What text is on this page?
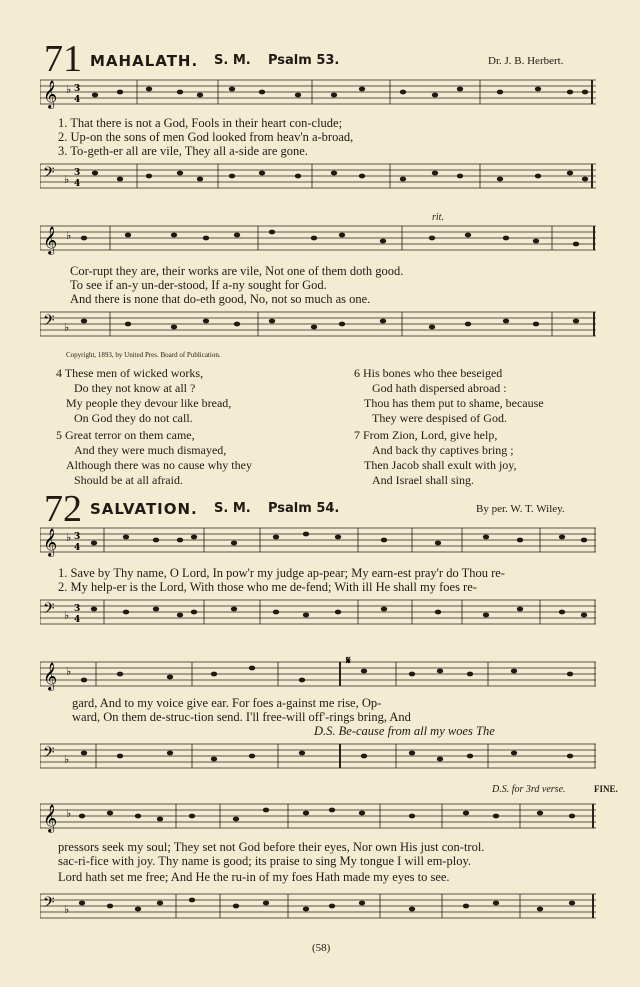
71 MAHALATH. S. M. Psalm 53.	Dr. J. B. Herbert.
𝄞 ♭ 3
4
1. That there is not a God, Fools in their heart con-clude;
2. Up-on the sons of men God looked from heav'n a-broad,
3. To-geth-er all are vile, They all a-side are gone.
𝄢 ♭ 3
4
rit.
𝄞 ♭
Cor-rupt they are, their works are vile, Not one of them doth good.
To see if an-y un-der-stood, If a-ny sought for God.
And there is none that do-eth good, No, not so much as one.
𝄢 ♭
Copyright, 1893, by United Pres. Board of Publication.
4 These men of wicked works,
Do they not know at all ?
My people they devour like bread,
On God they do not call.
5 Great terror on them came,
And they were much dismayed,
Although there was no cause why they
Should be at all afraid.
6 His bones who thee beseiged
God hath dispersed abroad :
Thou has them put to shame, because
They were despised of God.
7 From Zion, Lord, give help,
And back thy captives bring ;
Then Jacob shall exult with joy,
And Israel shall sing.
72 SALVATION. S. M. Psalm 54.	By per. W. T. Wiley.
𝄞 ♭ 3
4
1. Save by Thy name, O Lord, In pow'r my judge ap-pear; My earn-est pray'r do Thou re-
2. My help-er is the Lord, With those who me de-fend; With ill He shall my foes re-
𝄢 ♭ 3
4
𝄞 ♭
𝄋
gard, And to my voice give ear. For foes a-gainst me rise, Op-
ward, On them de-struc-tion send. I'll free-will off'-rings bring, And
D.S. Be-cause from all my woes The
𝄢 ♭
D.S. for 3rd verse.	FINE.
𝄞 ♭
pressors seek my soul; They set not God before their eyes, Nor own His just con-trol.
sac-ri-fice with joy. Thy name is good; its praise to sing My tongue I will em-ploy.
Lord hath set me free; And He the ru-in of my foes Hath made my eyes to see.
𝄢 ♭
(58)
